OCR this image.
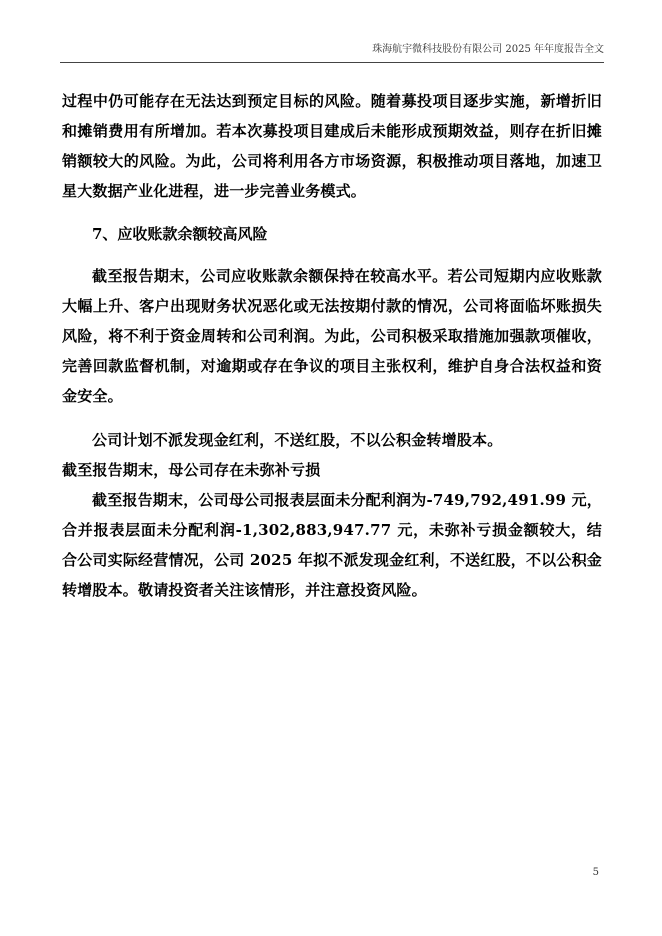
珠海航宇微科技股份有限公司 2025 年年度报告全文

过程中仍可能存在无法达到预定目标的风险。随着募投项目逐步实施，新增折旧和摊销费用有所增加。若本次募投项目建成后未能形成预期效益，则存在折旧摊销额较大的风险。为此，公司将利用各方市场资源，积极推动项目落地，加速卫星大数据产业化进程，进一步完善业务模式。

7、应收账款余额较高风险

截至报告期末，公司应收账款余额保持在较高水平。若公司短期内应收账款大幅上升、客户出现财务状况恶化或无法按期付款的情况，公司将面临坏账损失风险，将不利于资金周转和公司利润。为此，公司积极采取措施加强款项催收，完善回款监督机制，对逾期或存在争议的项目主张权利，维护自身合法权益和资金安全。

公司计划不派发现金红利，不送红股，不以公积金转增股本。

截至报告期末，母公司存在未弥补亏损

截至报告期末，公司母公司报表层面未分配利润为-749,792,491.99 元，合并报表层面未分配利润-1,302,883,947.77 元，未弥补亏损金额较大，结合公司实际经营情况，公司 2025 年拟不派发现金红利，不送红股，不以公积金转增股本。敬请投资者关注该情形，并注意投资风险。

5
